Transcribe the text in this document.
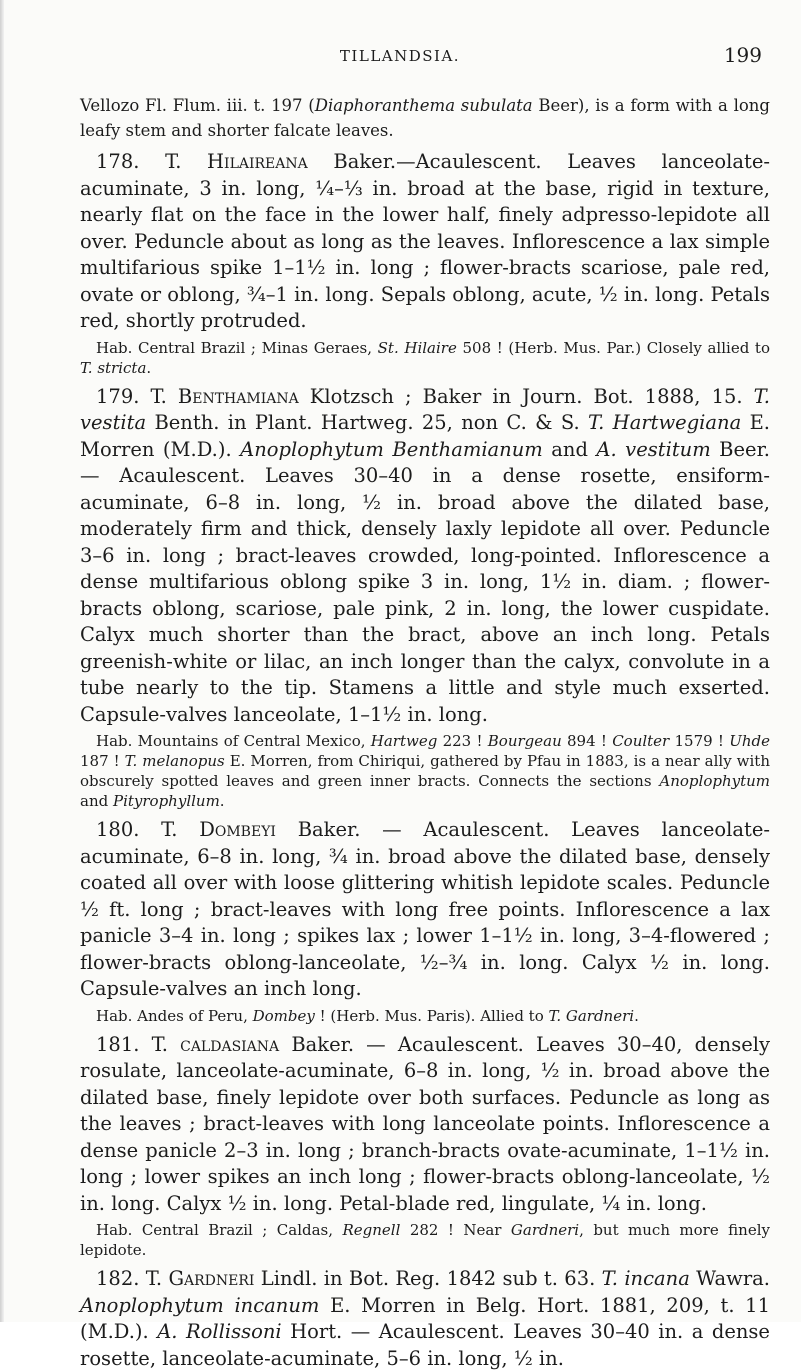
TILLANDSIA.	199

Vellozo Fl. Flum. iii. t. 197 (Diaphoranthema subulata Beer), is a form with a long leafy stem and shorter falcate leaves.

178. T. Hilaireana Baker.—Acaulescent. Leaves lanceolate-acuminate, 3 in. long, ¼–⅓ in. broad at the base, rigid in texture, nearly flat on the face in the lower half, finely adpresso-lepidote all over. Peduncle about as long as the leaves. Inflorescence a lax simple multifarious spike 1–1½ in. long ; flower-bracts scariose, pale red, ovate or oblong, ¾–1 in. long. Sepals oblong, acute, ½ in. long. Petals red, shortly protruded.

Hab. Central Brazil ; Minas Geraes, St. Hilaire 508 ! (Herb. Mus. Par.) Closely allied to T. stricta.

179. T. Benthamiana Klotzsch ; Baker in Journ. Bot. 1888, 15. T. vestita Benth. in Plant. Hartweg. 25, non C. & S. T. Hartwegiana E. Morren (M.D.). Anoplophytum Benthamianum and A. vestitum Beer. — Acaulescent. Leaves 30–40 in a dense rosette, ensiform-acuminate, 6–8 in. long, ½ in. broad above the dilated base, moderately firm and thick, densely laxly lepidote all over. Peduncle 3–6 in. long ; bract-leaves crowded, long-pointed. Inflorescence a dense multifarious oblong spike 3 in. long, 1½ in. diam. ; flower-bracts oblong, scariose, pale pink, 2 in. long, the lower cuspidate. Calyx much shorter than the bract, above an inch long. Petals greenish-white or lilac, an inch longer than the calyx, convolute in a tube nearly to the tip. Stamens a little and style much exserted. Capsule-valves lanceolate, 1–1½ in. long.

Hab. Mountains of Central Mexico, Hartweg 223 ! Bourgeau 894 ! Coulter 1579 ! Uhde 187 ! T. melanopus E. Morren, from Chiriqui, gathered by Pfau in 1883, is a near ally with obscurely spotted leaves and green inner bracts. Connects the sections Anoplophytum and Pityrophyllum.

180. T. Dombeyi Baker. — Acaulescent. Leaves lanceolate-acuminate, 6–8 in. long, ¾ in. broad above the dilated base, densely coated all over with loose glittering whitish lepidote scales. Peduncle ½ ft. long ; bract-leaves with long free points. Inflorescence a lax panicle 3–4 in. long ; spikes lax ; lower 1–1½ in. long, 3–4-flowered ; flower-bracts oblong-lanceolate, ½–¾ in. long. Calyx ½ in. long. Capsule-valves an inch long.

Hab. Andes of Peru, Dombey ! (Herb. Mus. Paris). Allied to T. Gardneri.

181. T. caldasiana Baker. — Acaulescent. Leaves 30–40, densely rosulate, lanceolate-acuminate, 6–8 in. long, ½ in. broad above the dilated base, finely lepidote over both surfaces. Peduncle as long as the leaves ; bract-leaves with long lanceolate points. Inflorescence a dense panicle 2–3 in. long ; branch-bracts ovate-acuminate, 1–1½ in. long ; lower spikes an inch long ; flower-bracts oblong-lanceolate, ½ in. long. Calyx ½ in. long. Petal-blade red, lingulate, ¼ in. long.

Hab. Central Brazil ; Caldas, Regnell 282 ! Near Gardneri, but much more finely lepidote.

182. T. Gardneri Lindl. in Bot. Reg. 1842 sub t. 63. T. incana Wawra. Anoplophytum incanum E. Morren in Belg. Hort. 1881, 209, t. 11 (M.D.). A. Rollissoni Hort. — Acaulescent. Leaves 30–40 in. a dense rosette, lanceolate-acuminate, 5–6 in. long, ½ in.
